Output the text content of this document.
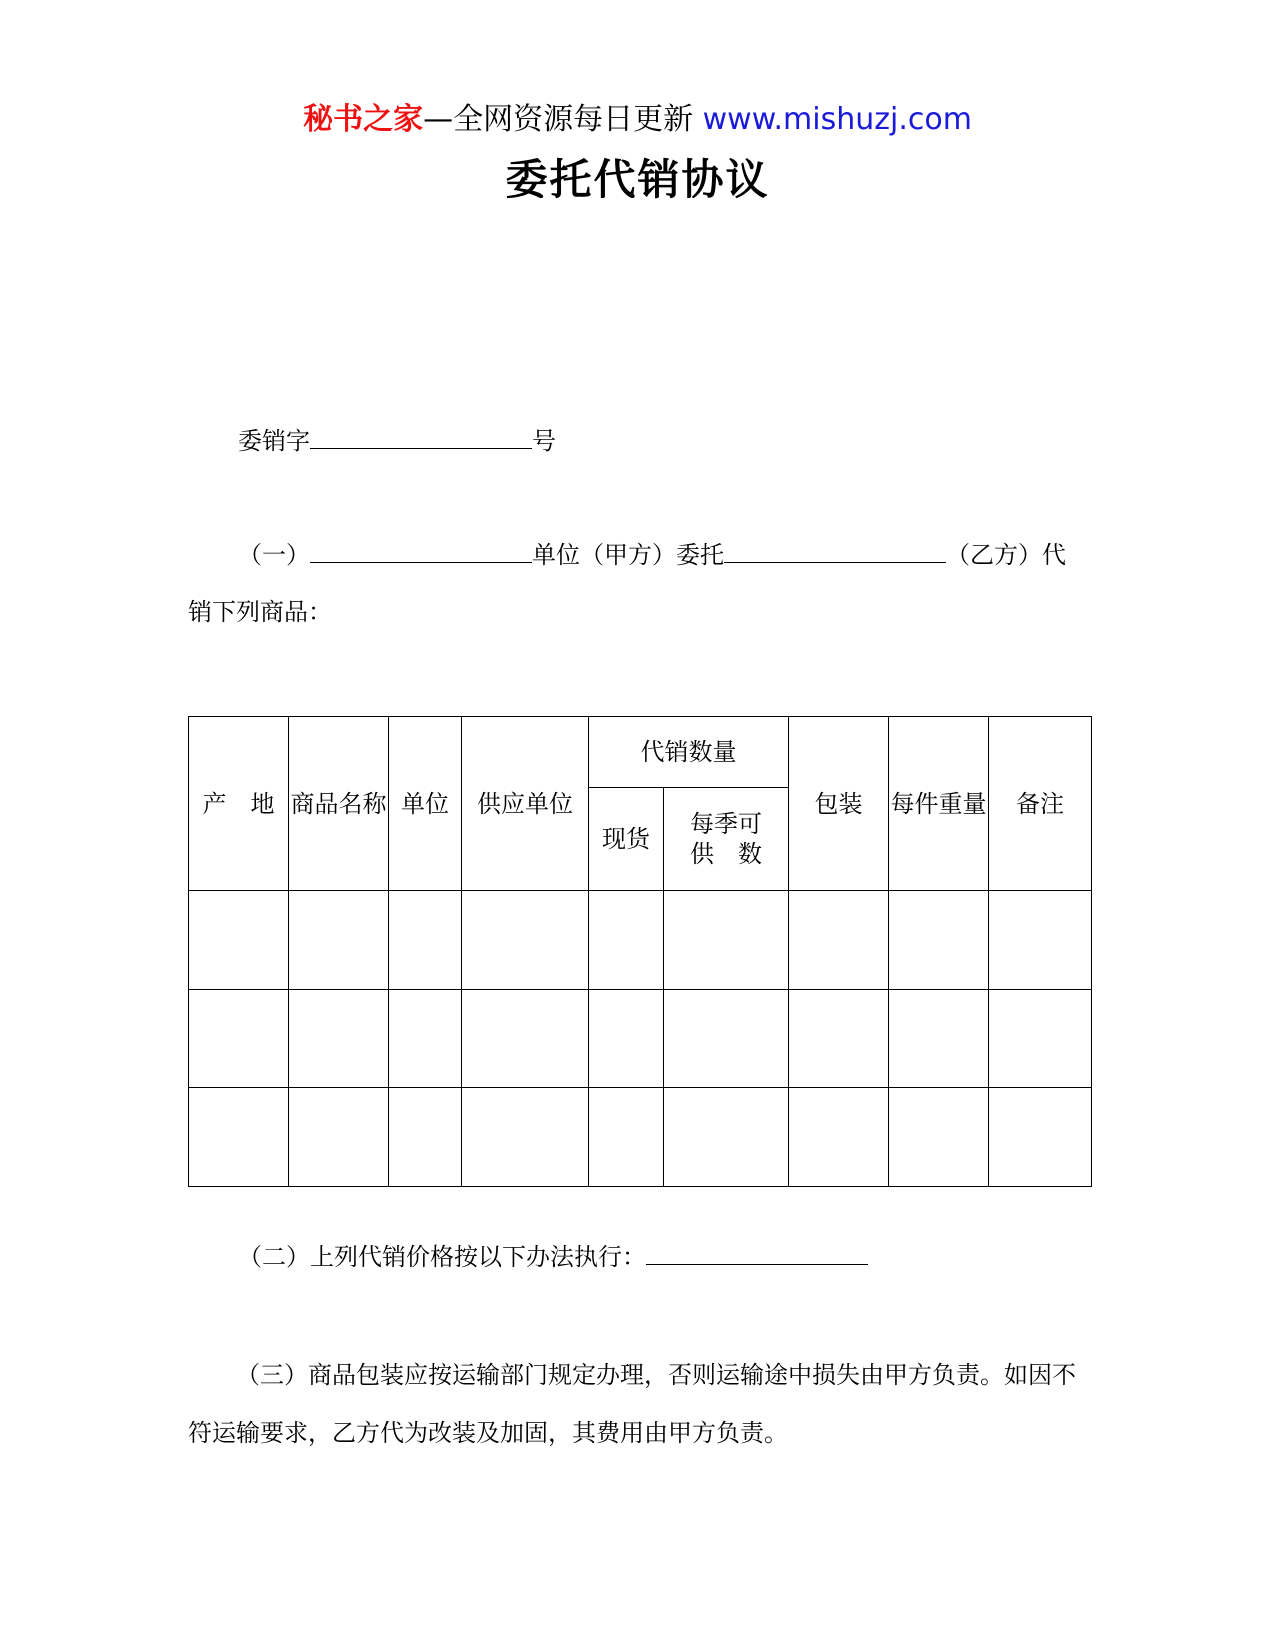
秘书之家—全网资源每日更新 www.mishuzj.com
委托代销协议
委销字	号
（一）	单位（甲方）委托	（乙方）代
销下列商品：
产　地	商品名称	单位	供应单位	代销数量		包装	每件重量	备注
				现货	每季可
供　数			

（二）上列代销价格按以下办法执行：
（三）商品包装应按运输部门规定办理，否则运输途中损失由甲方负责。如因不符运输要求，乙方代为改装及加固，其费用由甲方负责。
